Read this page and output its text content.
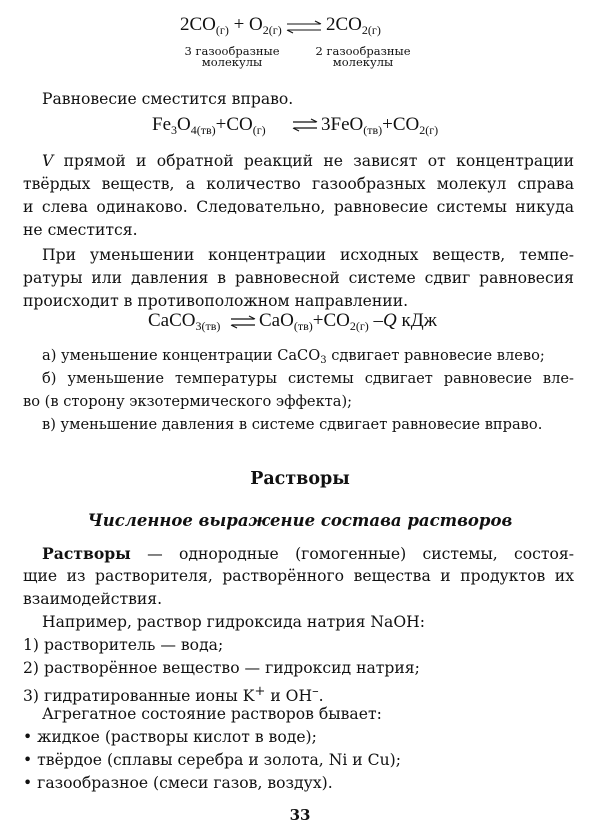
$2CO_{(г)} + O_{2(г)}$ ⇌ $2CO_{2(г)}$
3 газообразные
молекулы
2 газообразные
молекулы
Равновесие сместится вправо.
$Fe_3O_{4(тв)}+CO_{(г)}$ ⇌ $3FeO_{(тв)}+CO_{2(г)}$
V прямой и обратной реакций не зависят от концентрации
твёрдых веществ, а количество газообразных молекул справа
и слева одинаково. Следовательно, равновесие системы никуда
не сместится.
При уменьшении концентрации исходных веществ, темпе-
ратуры или давления в равновесной системе сдвиг равновесия
происходит в противоположном направлении.
CaCO$_{3(тв)}$ ⇌ $CaO_{(тв)}+CO_{2(г)}$ –Q кДж
а) уменьшение концентрации CaCO$_3$ сдвигает равновесие влево;
б) уменьшение температуры системы сдвигает равновесие вле-
во (в сторону экзотермического эффекта);
в) уменьшение давления в системе сдвигает равновесие вправо.
Растворы
Численное выражение состава растворов
Растворы — однородные (гомогенные) системы, состоя-
щие из растворителя, растворённого вещества и продуктов их
взаимодействия.
Например, раствор гидроксида натрия NaOH:
1) растворитель — вода;
2) растворённое вещество — гидроксид натрия;
3) гидратированные ионы K+ и OH–.
Агрегатное состояние растворов бывает:
• жидкое (растворы кислот в воде);
• твёрдое (сплавы серебра и золота, Ni и Cu);
• газообразное (смеси газов, воздух).
33
